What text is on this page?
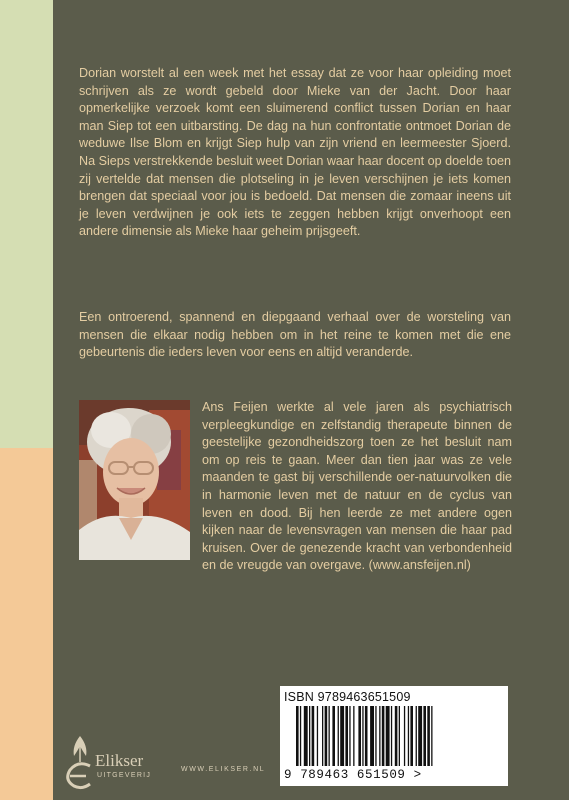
Dorian worstelt al een week met het essay dat ze voor haar opleiding moet schrijven als ze wordt gebeld door Mieke van der Jacht. Door haar opmerkelijke verzoek komt een sluimerend conflict tussen Dorian en haar man Siep tot een uitbarsting. De dag na hun confrontatie ontmoet Dorian de weduwe Ilse Blom en krijgt Siep hulp van zijn vriend en leermeester Sjoerd. Na Sieps verstrekkende besluit weet Dorian waar haar docent op doelde toen zij vertelde dat mensen die plotseling in je leven verschijnen je iets komen brengen dat speciaal voor jou is bedoeld. Dat mensen die zomaar ineens uit je leven verdwijnen je ook iets te zeggen hebben krijgt onverhoopt een andere dimensie als Mieke haar geheim prijsgeeft.

Een ontroerend, spannend en diepgaand verhaal over de worsteling van mensen die elkaar nodig hebben om in het reine te komen met die ene gebeurtenis die ieders leven voor eens en altijd veranderde.

Ans Feijen werkte al vele jaren als psychiatrisch verpleegkundige en zelfstandig therapeute binnen de geestelijke gezondheidszorg toen ze het besluit nam om op reis te gaan. Meer dan tien jaar was ze vele maanden te gast bij verschillende oer-natuurvolken die in harmonie leven met de natuur en de cyclus van leven en dood. Bij hen leerde ze met andere ogen kijken naar de levensvragen van mensen die haar pad kruisen. Over de genezende kracht van verbondenheid en de vreugde van overgave. (www.ansfeijen.nl)

Elikser
UITGEVERIJ
WWW.ELIKSER.NL
ISBN 9789463651509
9 789463 651509 >
